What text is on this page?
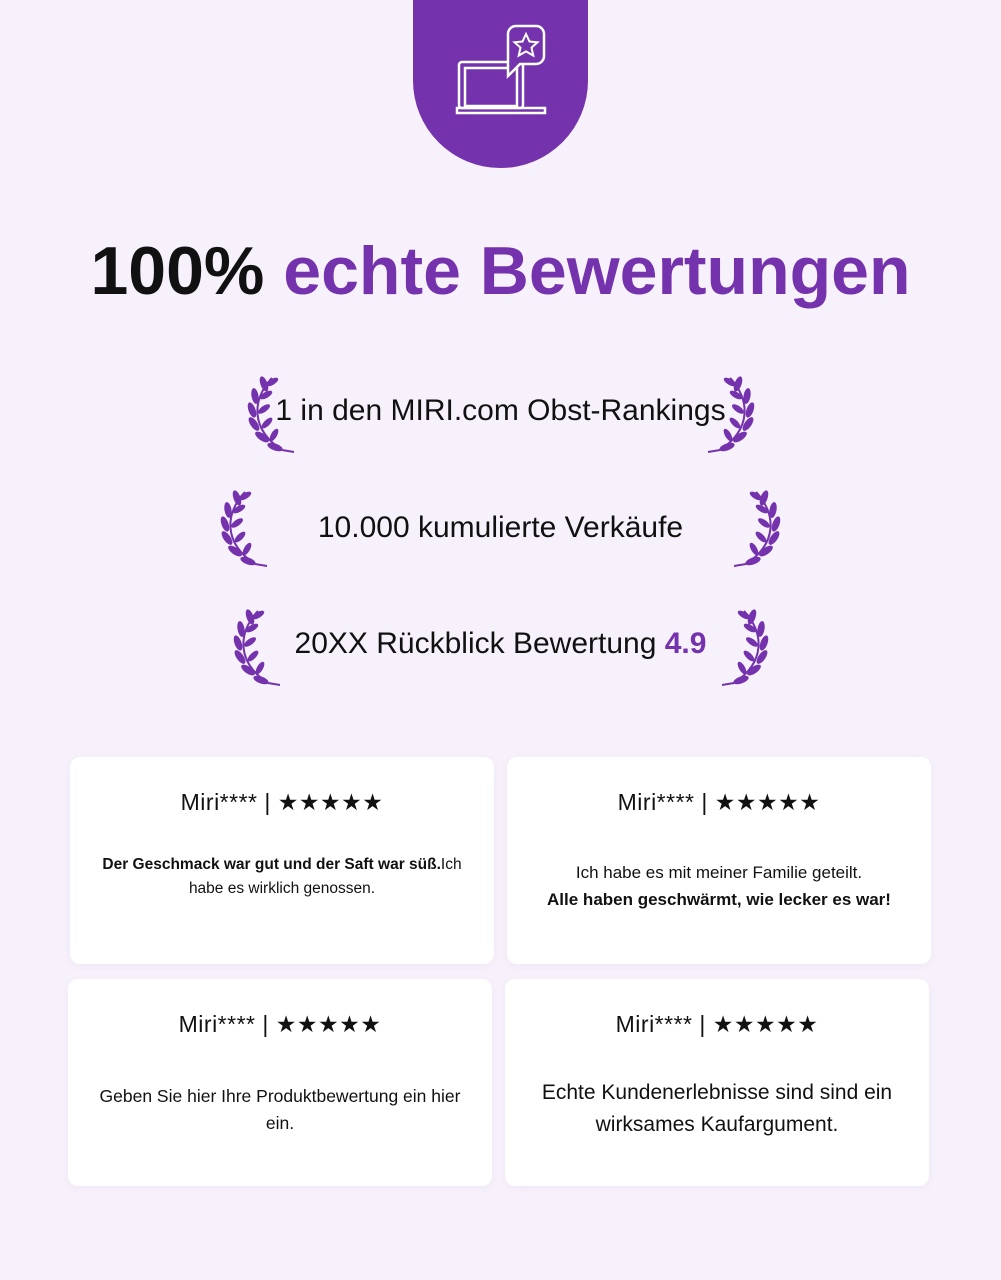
100% echte Bewertungen
1 in den MIRI.com Obst-Rankings
10.000 kumulierte Verkäufe
20XX Rückblick Bewertung 4.9
Miri**** | ★★★★★
Der Geschmack war gut und der Saft war süß.Ich habe es wirklich genossen.
Miri**** | ★★★★★
Ich habe es mit meiner Familie geteilt.
Alle haben geschwärmt, wie lecker es war!
Miri**** | ★★★★★
Geben Sie hier Ihre Produktbewertung ein hier ein.
Miri**** | ★★★★★
Echte Kundenerlebnisse sind sind ein wirksames Kaufargument.
